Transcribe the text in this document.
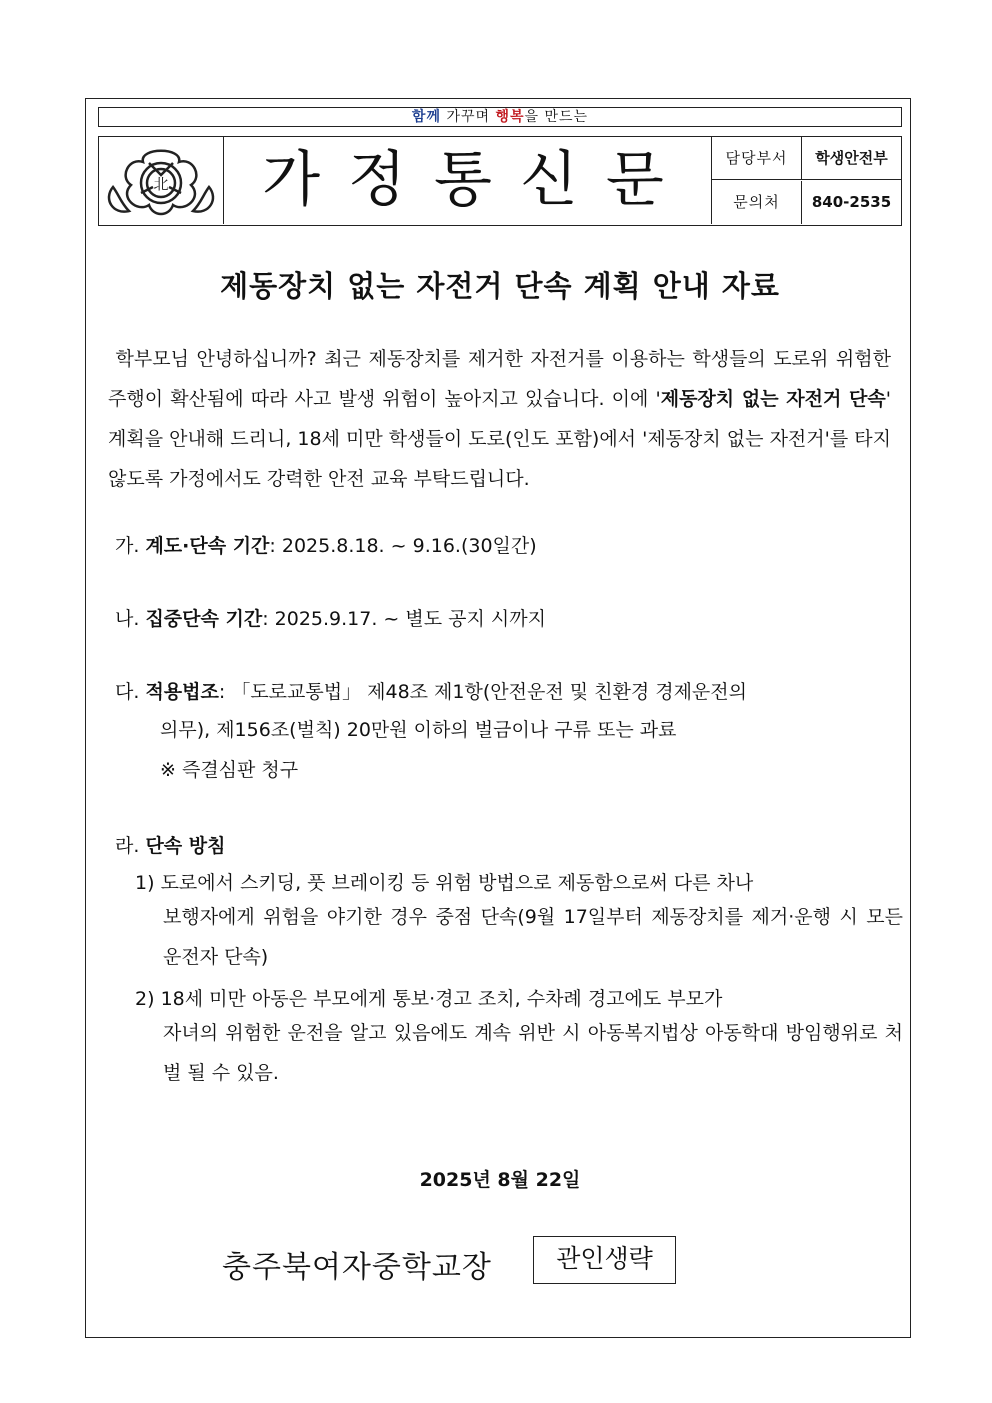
함께 가꾸며 행복을 만드는
北	가정통신문	담당부서	학생안전부
문의처	840-2535
제동장치 없는 자전거 단속 계획 안내 자료

학부모님 안녕하십니까? 최근 제동장치를 제거한 자전거를 이용하는 학생들의 도로위 위험한 주행이 확산됨에 따라 사고 발생 위험이 높아지고 있습니다. 이에 '제동장치 없는 자전거 단속' 계획을 안내해 드리니, 18세 미만 학생들이 도로(인도 포함)에서 '제동장치 없는 자전거'를 타지 않도록 가정에서도 강력한 안전 교육 부탁드립니다.

가. 계도·단속 기간: 2025.8.18. ~ 9.16.(30일간)
나. 집중단속 기간: 2025.9.17. ~ 별도 공지 시까지
다. 적용법조: 「도로교통법」 제48조 제1항(안전운전 및 친환경 경제운전의
의무), 제156조(벌칙) 20만원 이하의 벌금이나 구류 또는 과료
※ 즉결심판 청구
라. 단속 방침
1) 도로에서 스키딩, 풋 브레이킹 등 위험 방법으로 제동함으로써 다른 차나

보행자에게 위험을 야기한 경우 중점 단속(9월 17일부터 제동장치를 제거·운행 시 모든 운전자 단속)

2) 18세 미만 아동은 부모에게 통보·경고 조치, 수차례 경고에도 부모가

자녀의 위험한 운전을 알고 있음에도 계속 위반 시 아동복지법상 아동학대 방임행위로 처벌 될 수 있음.

2025년 8월 22일
충주북여자중학교장	관인생략
